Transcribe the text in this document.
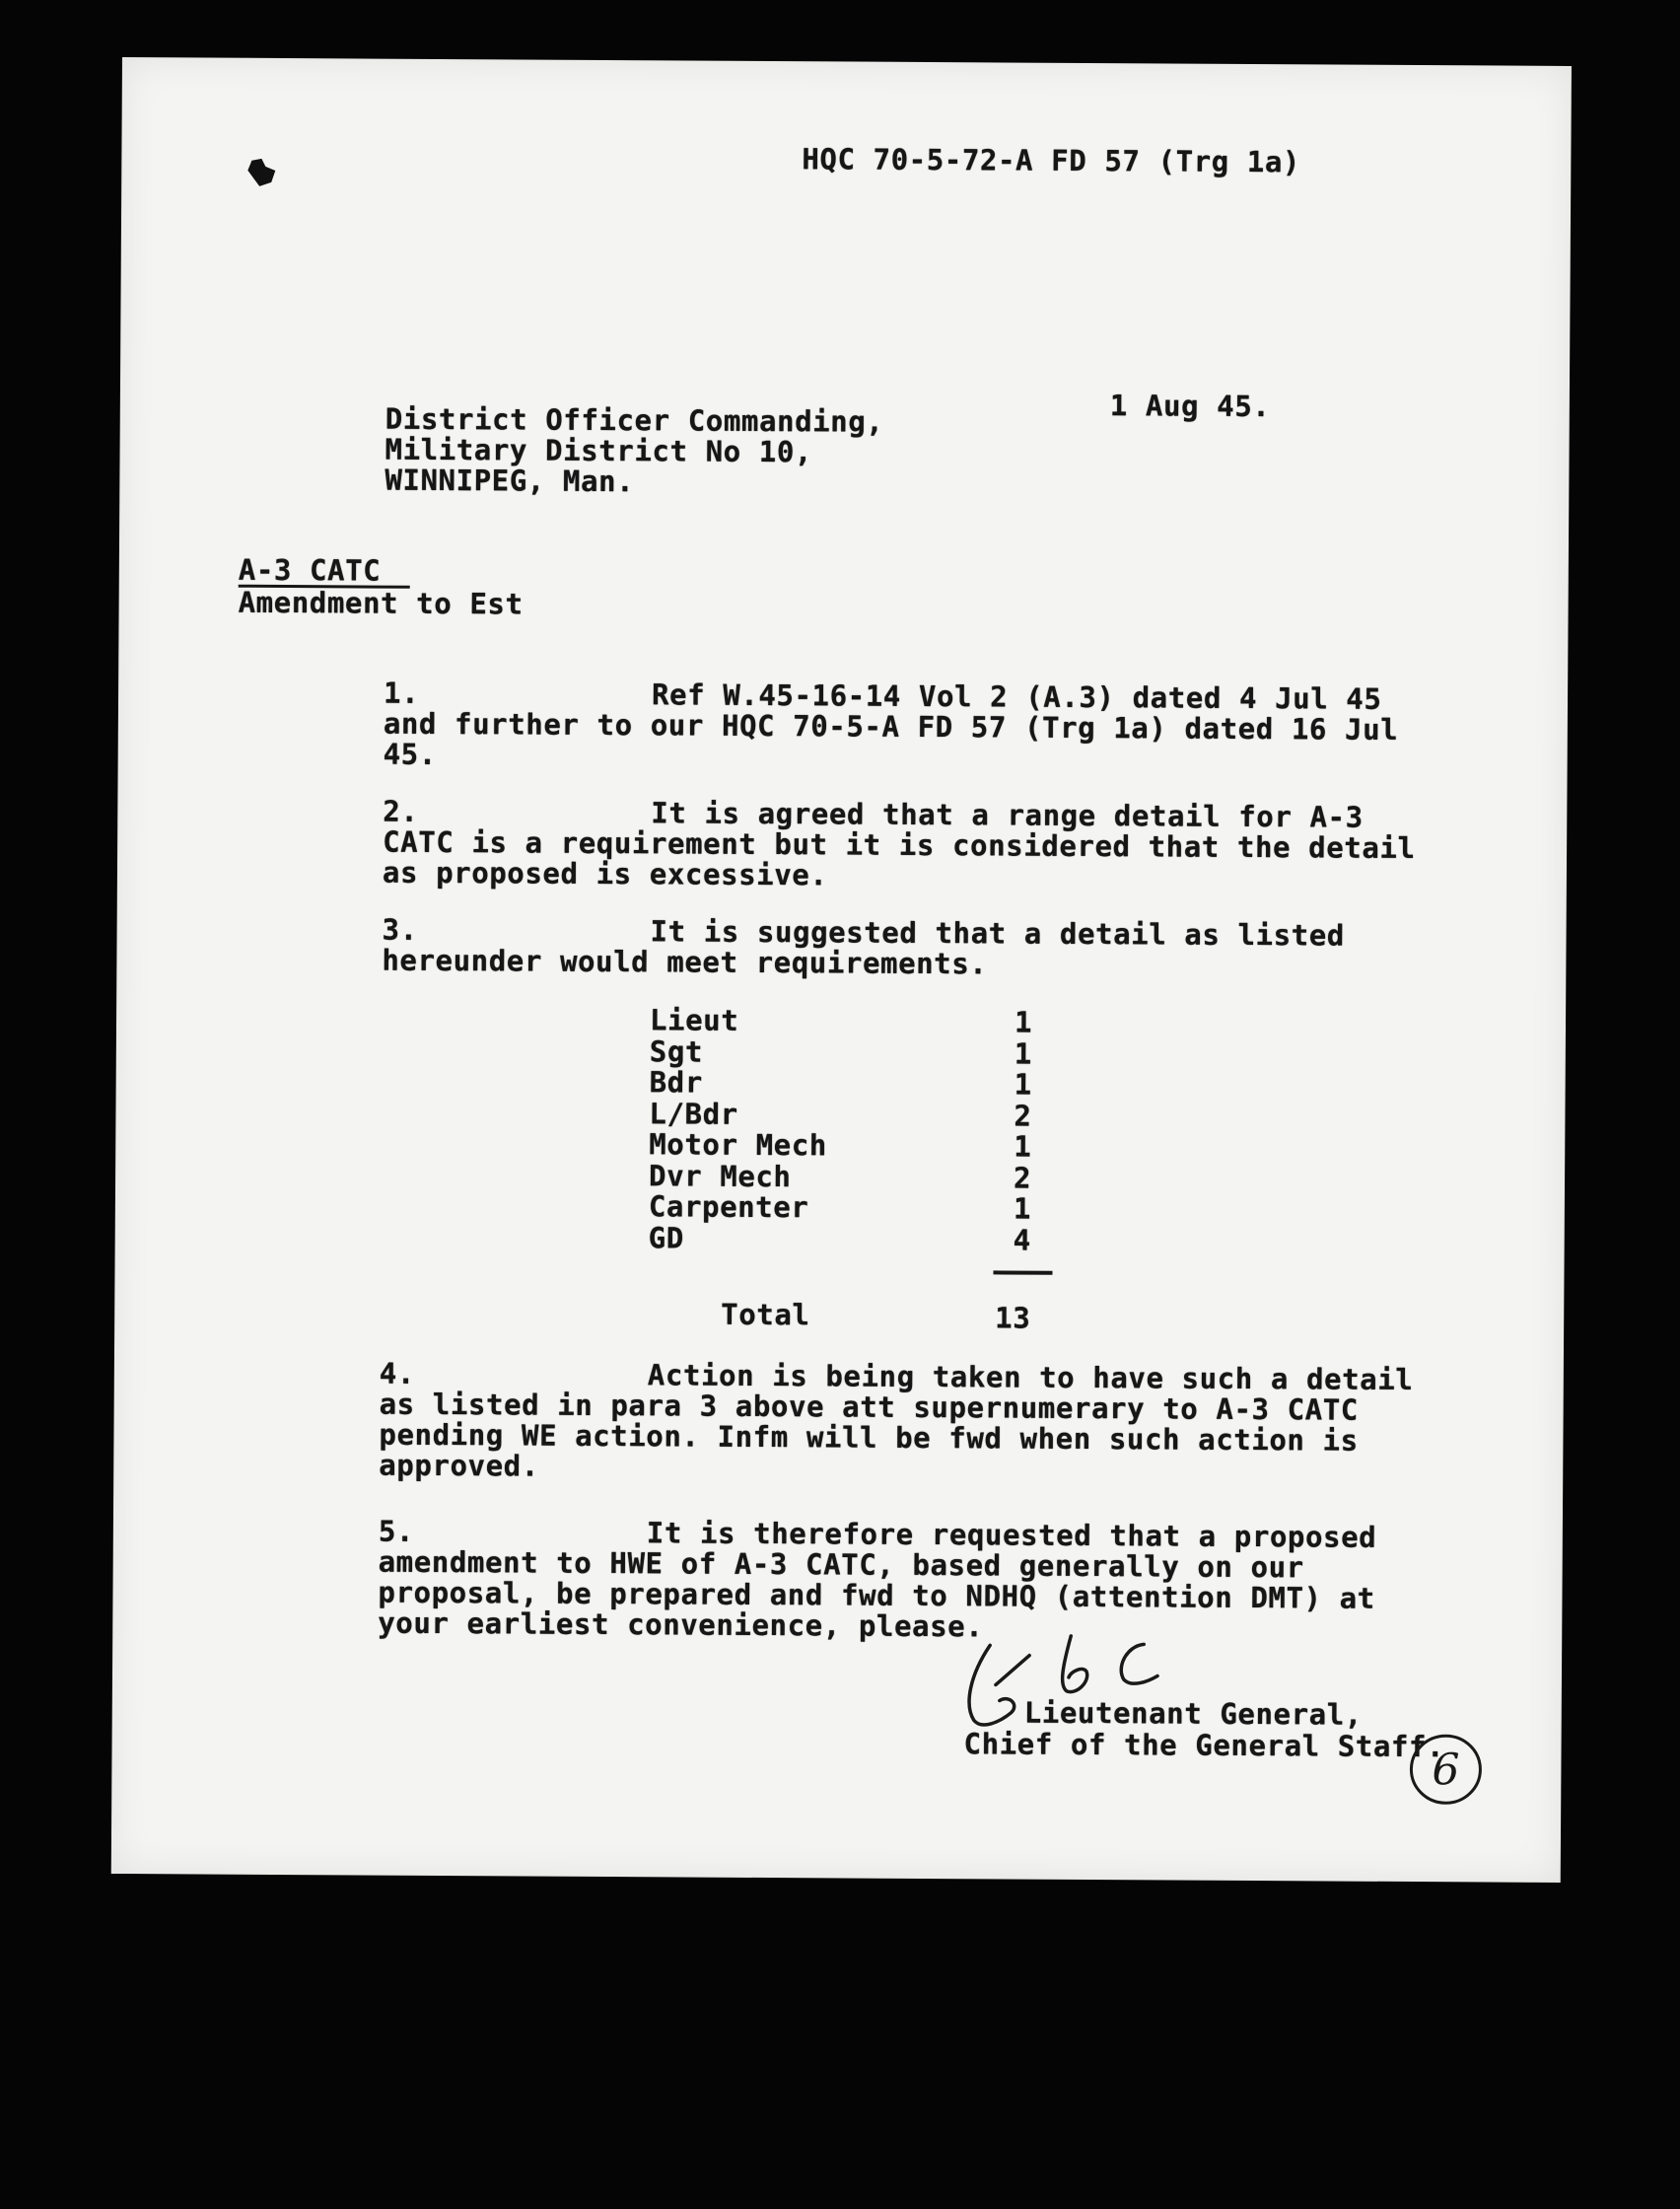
HQC 70-5-72-A FD 57 (Trg 1a)
1 Aug 45.
District Officer Commanding,
Military District No 10,
WINNIPEG, Man.
A-3 CATC
Amendment to Est
1.	Ref W.45-16-14 Vol 2 (A.3) dated 4 Jul 45
and further to our HQC 70-5-A FD 57 (Trg 1a) dated 16 Jul
45.
2.	It is agreed that a range detail for A-3
CATC is a requirement but it is considered that the detail
as proposed is excessive.
3.	It is suggested that a detail as listed
hereunder would meet requirements.
Lieut	1
Sgt	1
Bdr	1
L/Bdr	2
Motor Mech	1
Dvr Mech	2
Carpenter	1
GD	4
Total	13
4.	Action is being taken to have such a detail
as listed in para 3 above att supernumerary to A-3 CATC
pending WE action. Infm will be fwd when such action is
approved.
5.	It is therefore requested that a proposed
amendment to HWE of A-3 CATC, based generally on our
proposal, be prepared and fwd to NDHQ (attention DMT) at
your earliest convenience, please.
Lieutenant General,
Chief of the General Staff.
6
